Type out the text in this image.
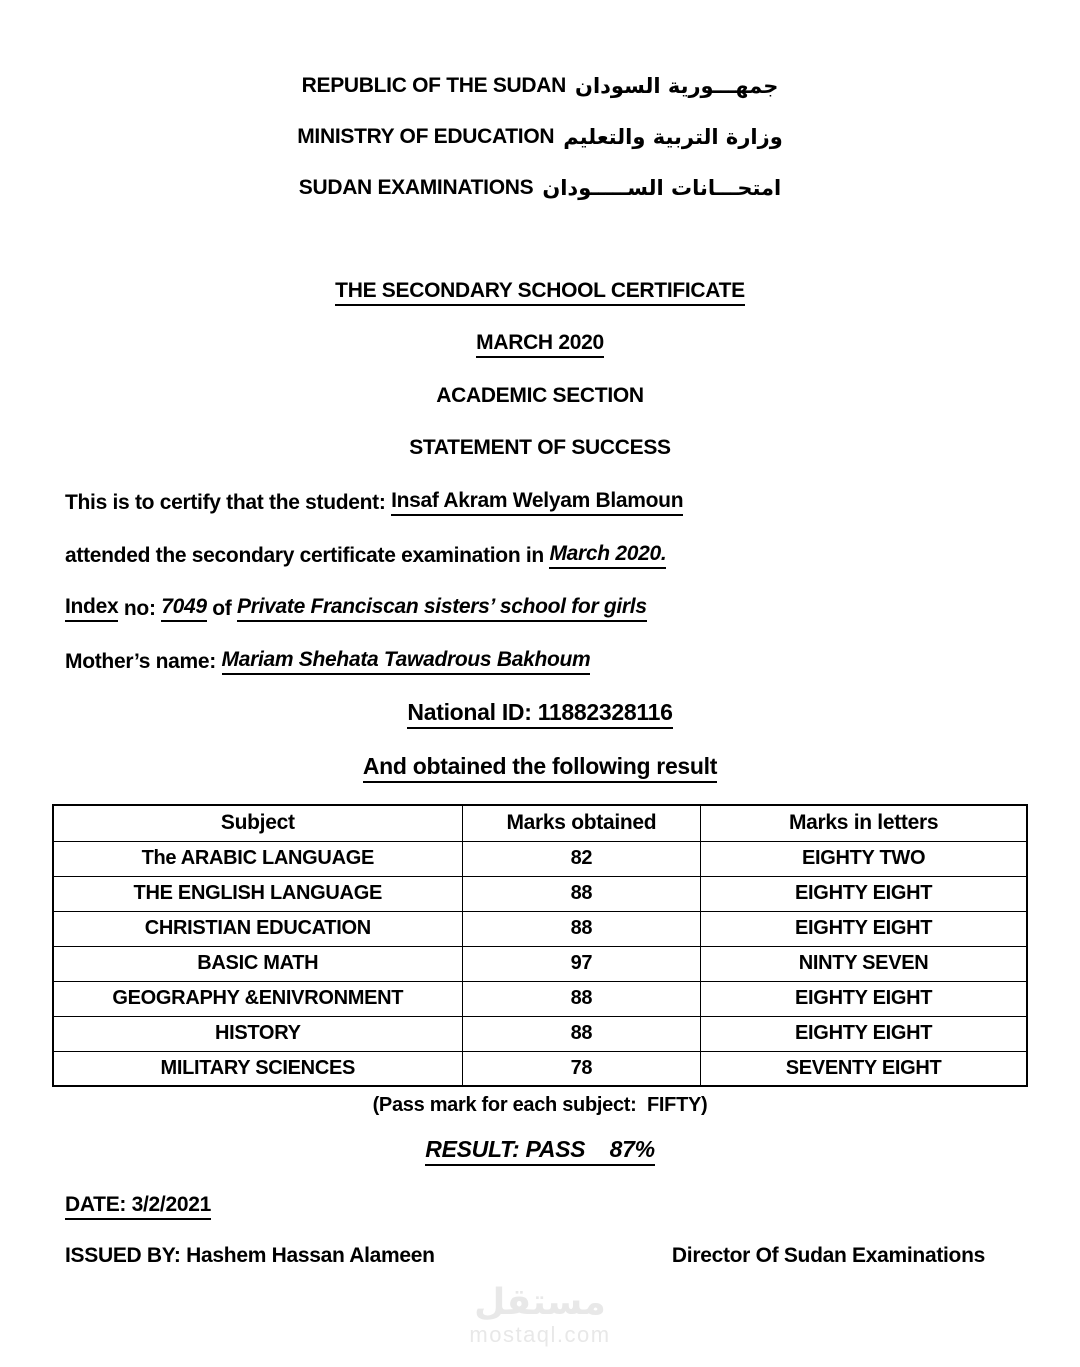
REPUBLIC OF THE SUDAN جمهـــورية السودان
MINISTRY OF EDUCATION وزارة التربية والتعليم
SUDAN EXAMINATIONS امتحـــانات الســـــودان
THE SECONDARY SCHOOL CERTIFICATE
MARCH 2020
ACADEMIC SECTION
STATEMENT OF SUCCESS
This is to certify that the student: Insaf Akram Welyam Blamoun
attended the secondary certificate examination in March 2020.
Index no: 7049 of Private Franciscan sisters’ school for girls
Mother’s name: Mariam Shehata Tawadrous Bakhoum
National ID: 11882328116
And obtained the following result
Subject	Marks obtained	Marks in letters
The ARABIC LANGUAGE	82	EIGHTY TWO
THE ENGLISH LANGUAGE	88	EIGHTY EIGHT
CHRISTIAN EDUCATION	88	EIGHTY EIGHT
BASIC MATH	97	NINTY SEVEN
GEOGRAPHY &ENIVRONMENT	88	EIGHTY EIGHT
HISTORY	88	EIGHTY EIGHT
MILITARY SCIENCES	78	SEVENTY EIGHT
(Pass mark for each subject:  FIFTY)
RESULT: PASS    87%
DATE: 3/2/2021
ISSUED BY: Hashem Hassan Alameen	Director Of Sudan Examinations
مستقل
mostaql.com
